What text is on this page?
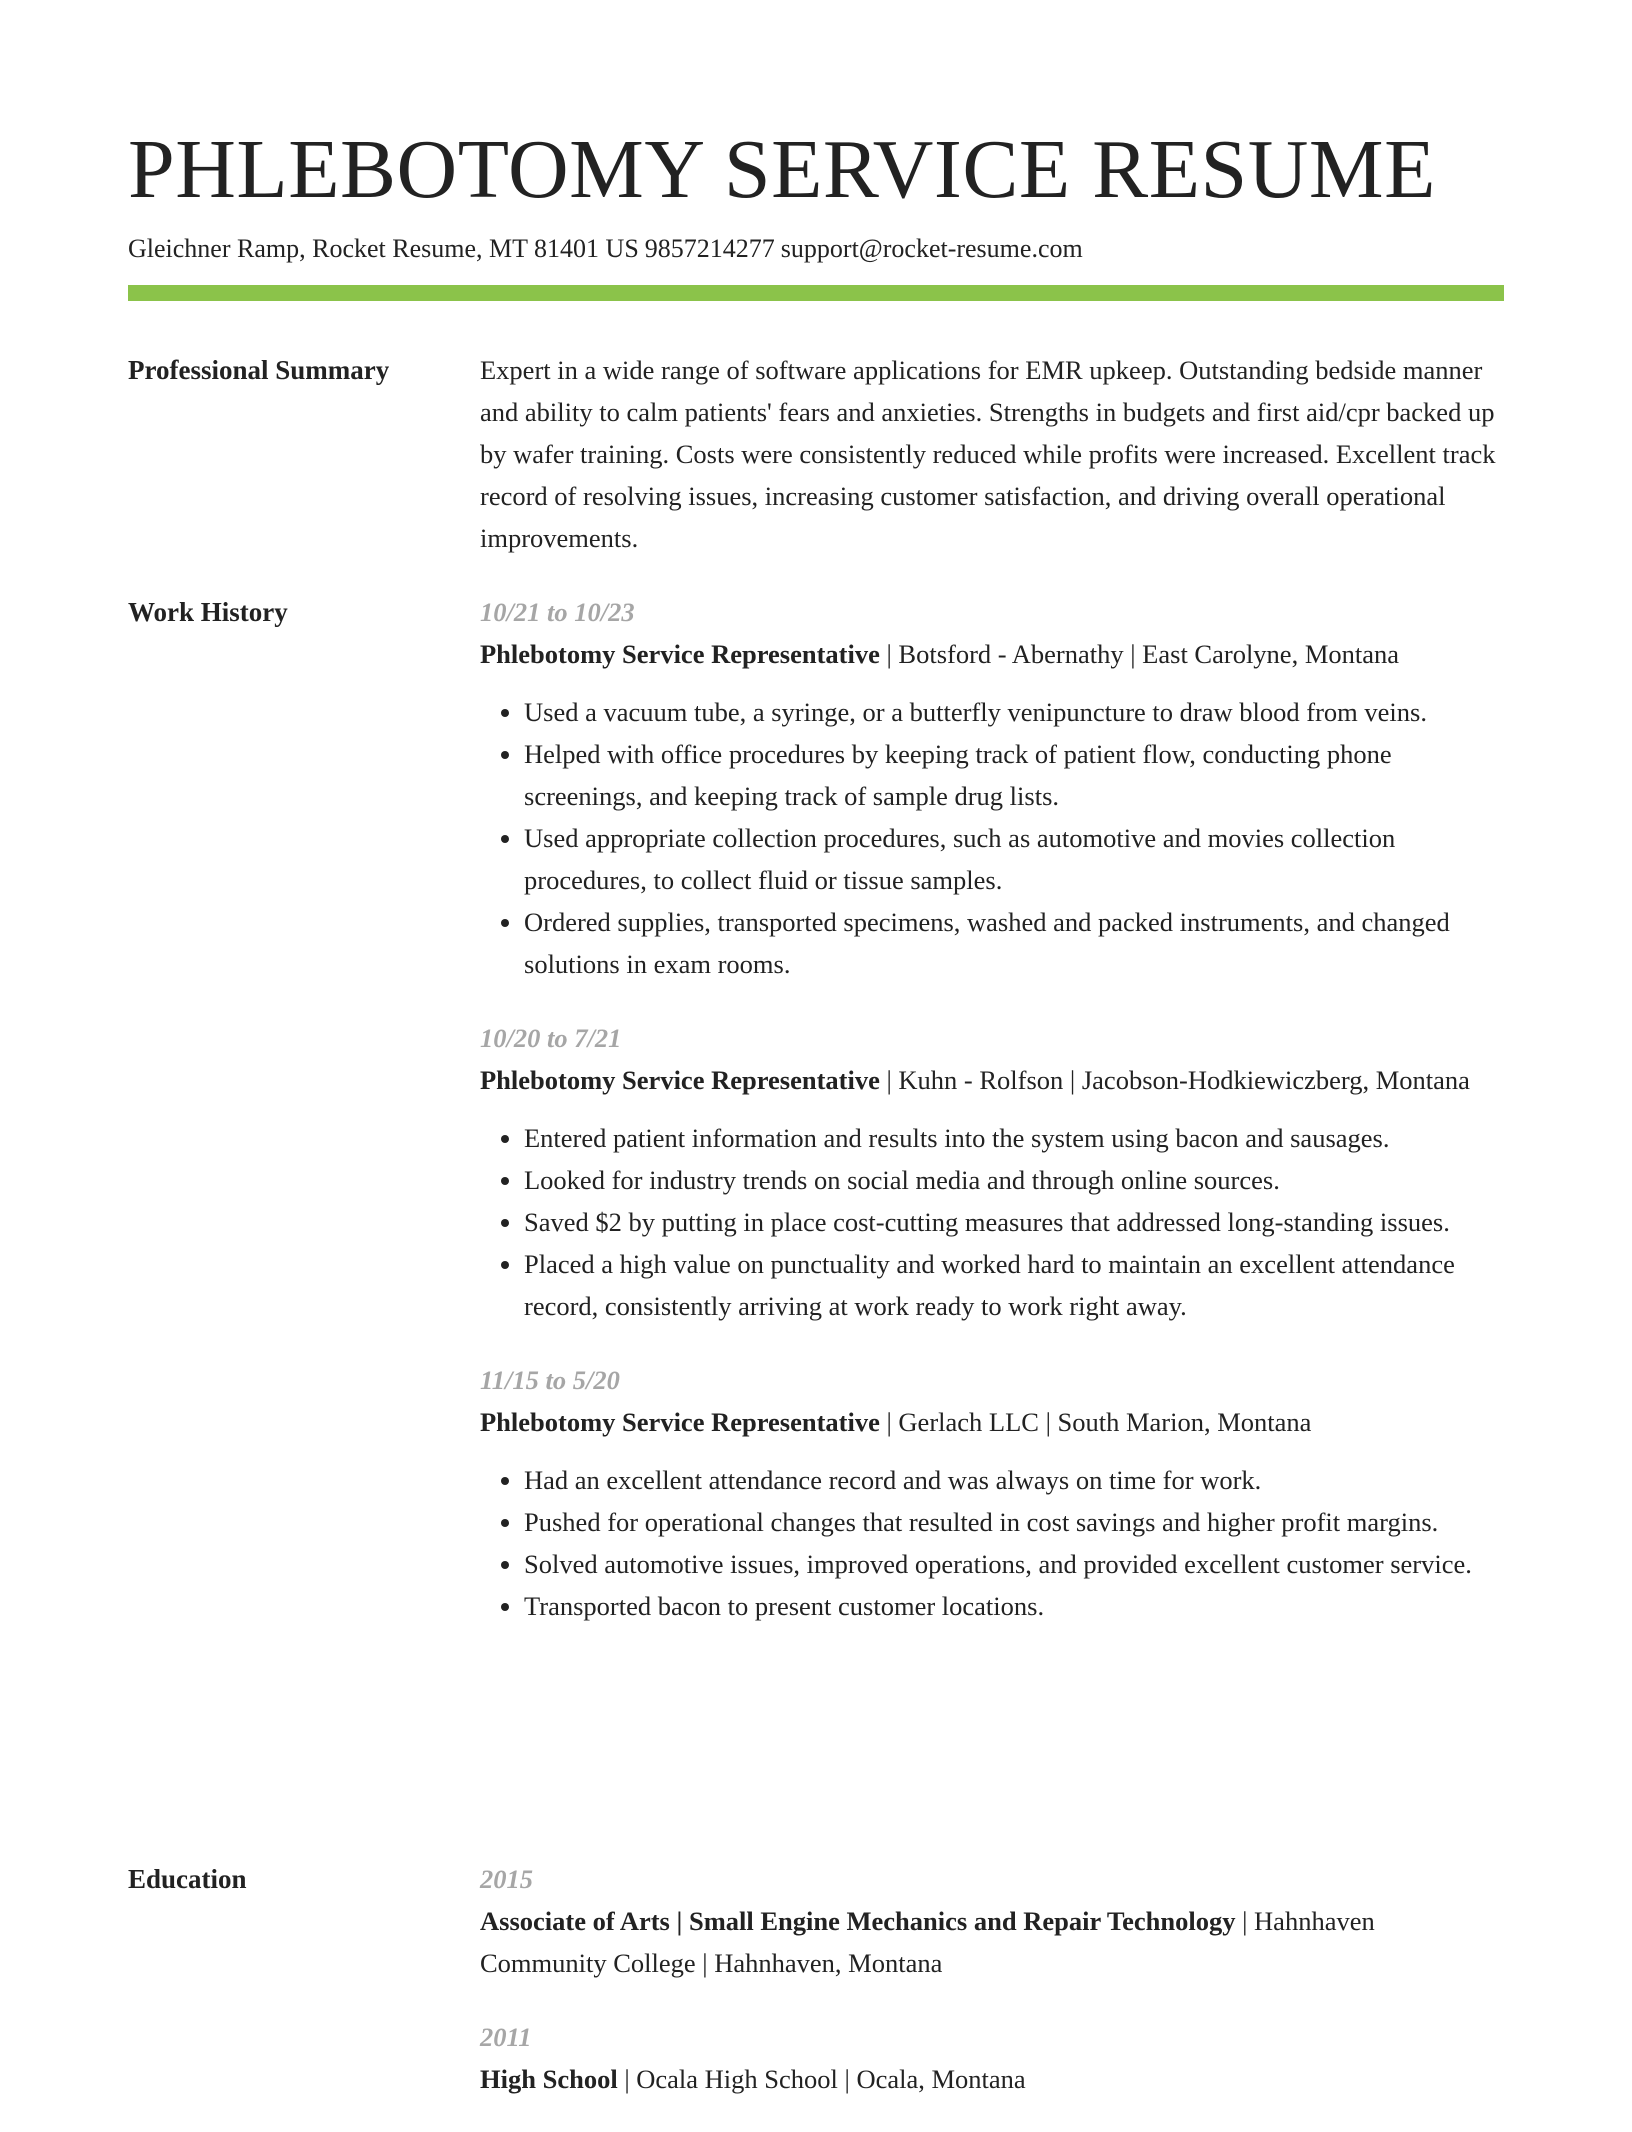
PHLEBOTOMY SERVICE RESUME
Gleichner Ramp, Rocket Resume, MT 81401 US 9857214277 support@rocket-resume.com
Professional Summary	Expert in a wide range of software applications for EMR upkeep. Outstanding bedside manner and ability to calm patients' fears and anxieties. Strengths in budgets and first aid/cpr backed up by wafer training. Costs were consistently reduced while profits were increased. Excellent track record of resolving issues, increasing customer satisfaction, and driving overall operational improvements.

Work History	10/21 to 10/23

Phlebotomy Service Representative | Botsford - Abernathy | East Carolyne, Montana

• Used a vacuum tube, a syringe, or a butterfly venipuncture to draw blood from veins.
• Helped with office procedures by keeping track of patient flow, conducting phone screenings, and keeping track of sample drug lists.
• Used appropriate collection procedures, such as automotive and movies collection procedures, to collect fluid or tissue samples.
• Ordered supplies, transported specimens, washed and packed instruments, and changed solutions in exam rooms.
10/20 to 7/21

Phlebotomy Service Representative | Kuhn - Rolfson | Jacobson-Hodkiewiczberg, Montana

• Entered patient information and results into the system using bacon and sausages.
• Looked for industry trends on social media and through online sources.
• Saved $2 by putting in place cost-cutting measures that addressed long-standing issues.
• Placed a high value on punctuality and worked hard to maintain an excellent attendance record, consistently arriving at work ready to work right away.
11/15 to 5/20

Phlebotomy Service Representative | Gerlach LLC | South Marion, Montana

• Had an excellent attendance record and was always on time for work.
• Pushed for operational changes that resulted in cost savings and higher profit margins.
• Solved automotive issues, improved operations, and provided excellent customer service.
• Transported bacon to present customer locations.
Education	2015

Associate of Arts | Small Engine Mechanics and Repair Technology | Hahnhaven Community College | Hahnhaven, Montana

2011

High School | Ocala High School | Ocala, Montana
